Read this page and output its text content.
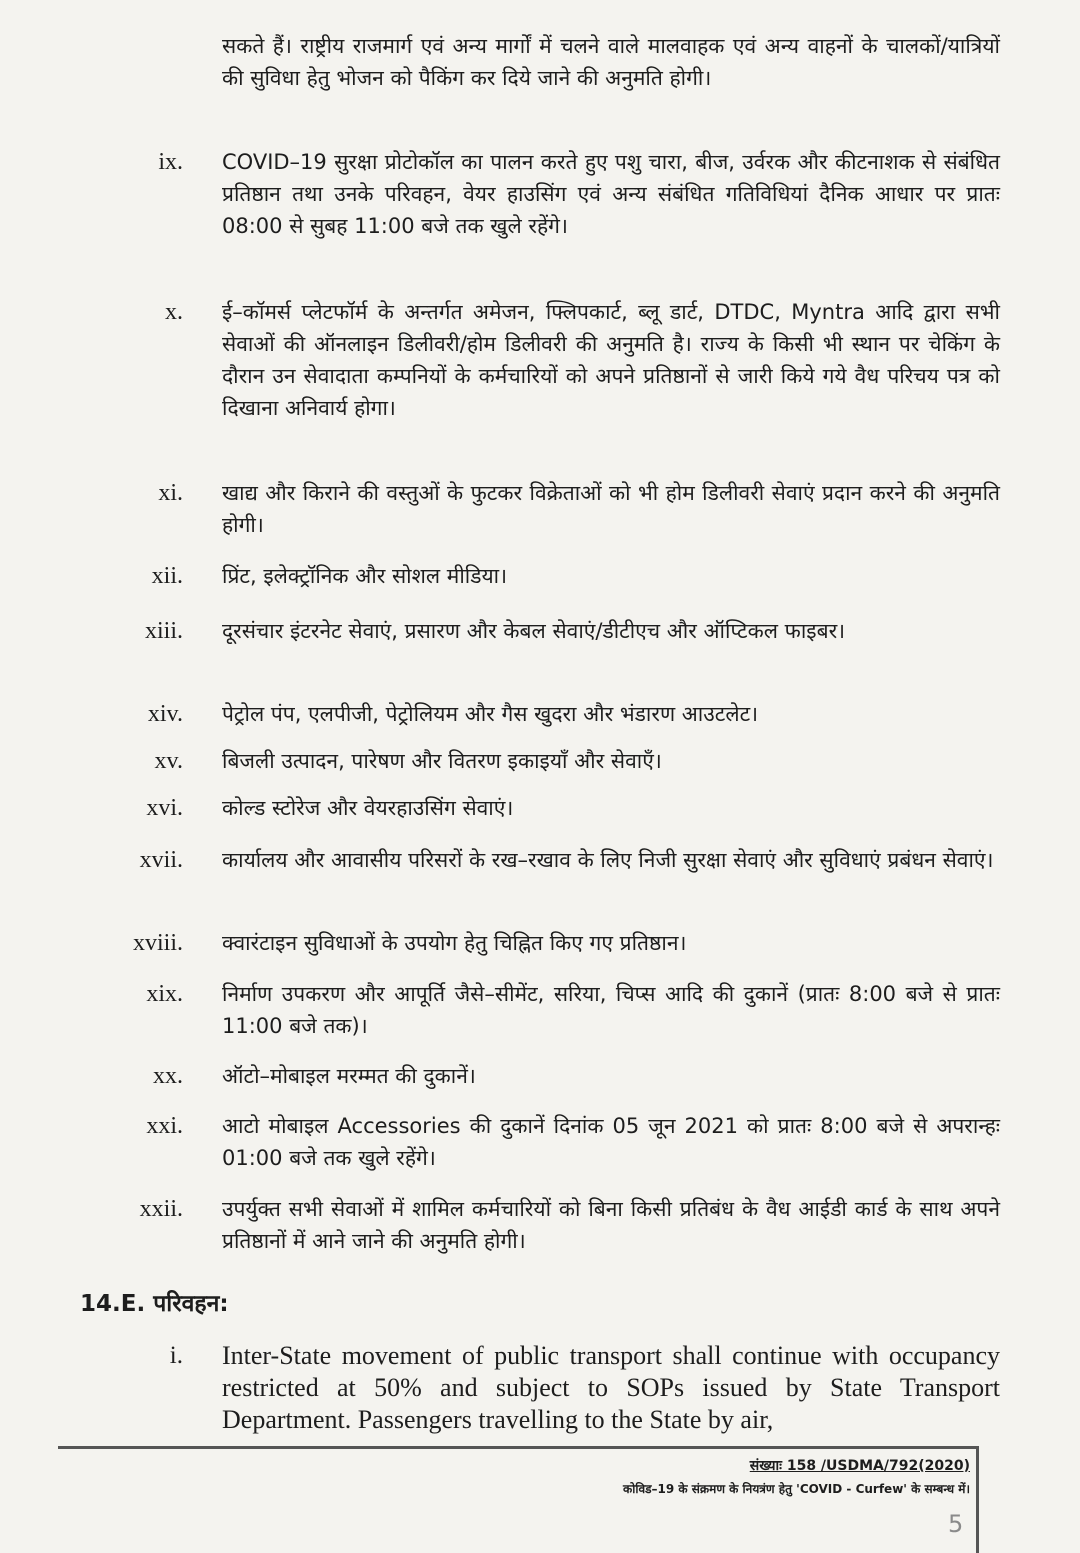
सकते हैं। राष्ट्रीय राजमार्ग एवं अन्य मार्गों में चलने वाले मालवाहक एवं अन्य वाहनों के चालकों/यात्रियों की सुविधा हेतु भोजन को पैकिंग कर दिये जाने की अनुमति होगी।
ix. COVID–19 सुरक्षा प्रोटोकॉल का पालन करते हुए पशु चारा, बीज, उर्वरक और कीटनाशक से संबंधित प्रतिष्ठान तथा उनके परिवहन, वेयर हाउसिंग एवं अन्य संबंधित गतिविधियां दैनिक आधार पर प्रातः 08:00 से सुबह 11:00 बजे तक खुले रहेंगे।
x. ई–कॉमर्स प्लेटफॉर्म के अन्तर्गत अमेजन, फ्लिपकार्ट, ब्लू डार्ट, DTDC, Myntra आदि द्वारा सभी सेवाओं की ऑनलाइन डिलीवरी/होम डिलीवरी की अनुमति है। राज्य के किसी भी स्थान पर चेकिंग के दौरान उन सेवादाता कम्पनियों के कर्मचारियों को अपने प्रतिष्ठानों से जारी किये गये वैध परिचय पत्र को दिखाना अनिवार्य होगा।
xi. खाद्य और किराने की वस्तुओं के फुटकर विक्रेताओं को भी होम डिलीवरी सेवाएं प्रदान करने की अनुमति होगी।
xii. प्रिंट, इलेक्ट्रॉनिक और सोशल मीडिया।
xiii. दूरसंचार इंटरनेट सेवाएं, प्रसारण और केबल सेवाएं/डीटीएच और ऑप्टिकल फाइबर।
xiv. पेट्रोल पंप, एलपीजी, पेट्रोलियम और गैस खुदरा और भंडारण आउटलेट।
xv. बिजली उत्पादन, पारेषण और वितरण इकाइयाँ और सेवाएँ।
xvi. कोल्ड स्टोरेज और वेयरहाउसिंग सेवाएं।
xvii. कार्यालय और आवासीय परिसरों के रख–रखाव के लिए निजी सुरक्षा सेवाएं और सुविधाएं प्रबंधन सेवाएं।
xviii. क्वारंटाइन सुविधाओं के उपयोग हेतु चिह्नित किए गए प्रतिष्ठान।
xix. निर्माण उपकरण और आपूर्ति जैसे–सीमेंट, सरिया, चिप्स आदि की दुकानें (प्रातः 8:00 बजे से प्रातः 11:00 बजे तक)।
xx. ऑटो–मोबाइल मरम्मत की दुकानें।
xxi. आटो मोबाइल Accessories की दुकानें दिनांक 05 जून 2021 को प्रातः 8:00 बजे से अपरान्हः 01:00 बजे तक खुले रहेंगे।
xxii. उपर्युक्त सभी सेवाओं में शामिल कर्मचारियों को बिना किसी प्रतिबंध के वैध आईडी कार्ड के साथ अपने प्रतिष्ठानों में आने जाने की अनुमति होगी।
14.E. परिवहन:
i. Inter-State movement of public transport shall continue with occupancy restricted at 50% and subject to SOPs issued by State Transport Department. Passengers travelling to the State by air,
संख्याः 158 /USDMA/792(2020)
कोविड–19 के संक्रमण के नियत्रंण हेतु 'COVID - Curfew' के सम्बन्ध में।
5
